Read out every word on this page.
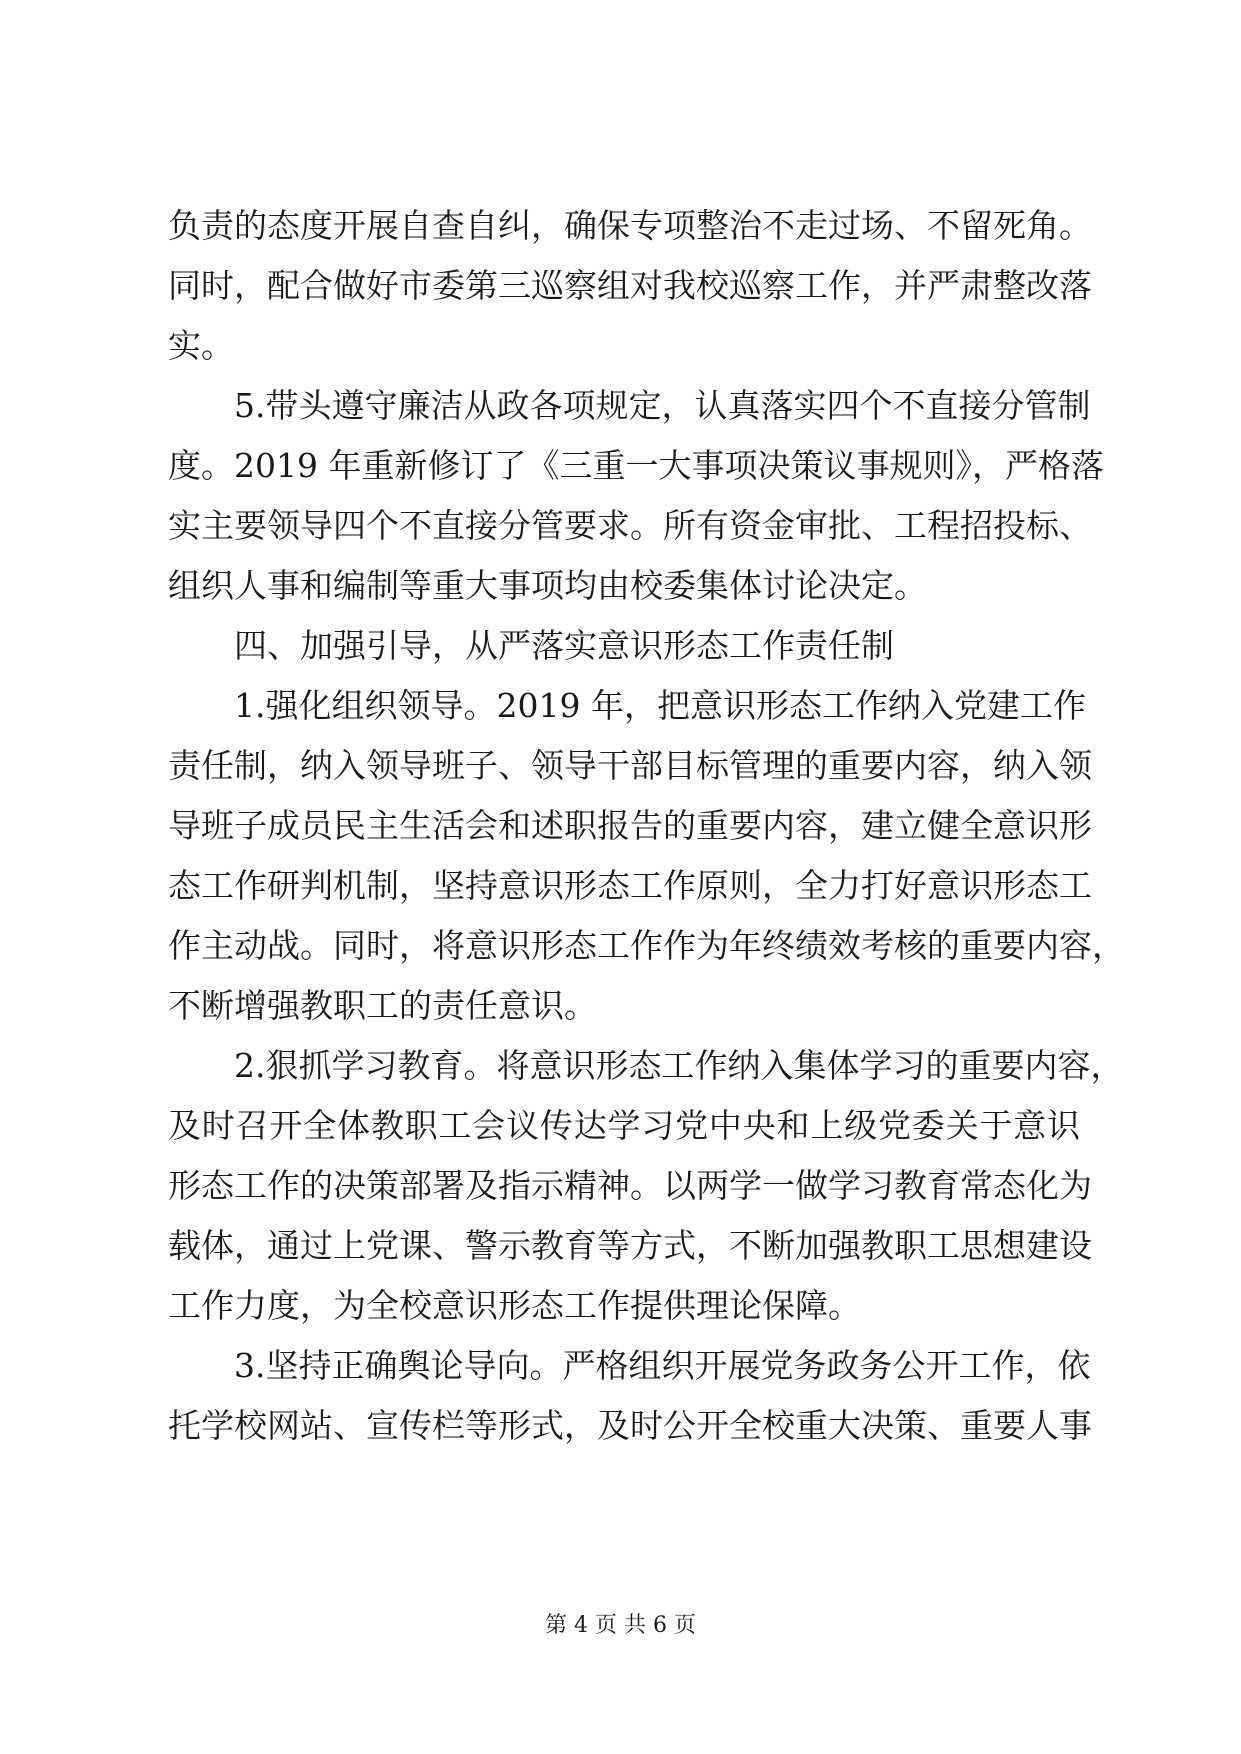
负责的态度开展自查自纠，确保专项整治不走过场、不留死角。
同时，配合做好市委第三巡察组对我校巡察工作，并严肃整改落
实。
5.带头遵守廉洁从政各项规定，认真落实四个不直接分管制
度。2019 年重新修订了《三重一大事项决策议事规则》，严格落
实主要领导四个不直接分管要求。所有资金审批、工程招投标、
组织人事和编制等重大事项均由校委集体讨论决定。
四、加强引导，从严落实意识形态工作责任制
1.强化组织领导。2019 年，把意识形态工作纳入党建工作
责任制，纳入领导班子、领导干部目标管理的重要内容，纳入领
导班子成员民主生活会和述职报告的重要内容，建立健全意识形
态工作研判机制，坚持意识形态工作原则，全力打好意识形态工
作主动战。同时，将意识形态工作作为年终绩效考核的重要内容，
不断增强教职工的责任意识。
2.狠抓学习教育。将意识形态工作纳入集体学习的重要内容，
及时召开全体教职工会议传达学习党中央和上级党委关于意识
形态工作的决策部署及指示精神。以两学一做学习教育常态化为
载体，通过上党课、警示教育等方式，不断加强教职工思想建设
工作力度，为全校意识形态工作提供理论保障。
3.坚持正确舆论导向。严格组织开展党务政务公开工作，依
托学校网站、宣传栏等形式，及时公开全校重大决策、重要人事
第 4 页 共 6 页
